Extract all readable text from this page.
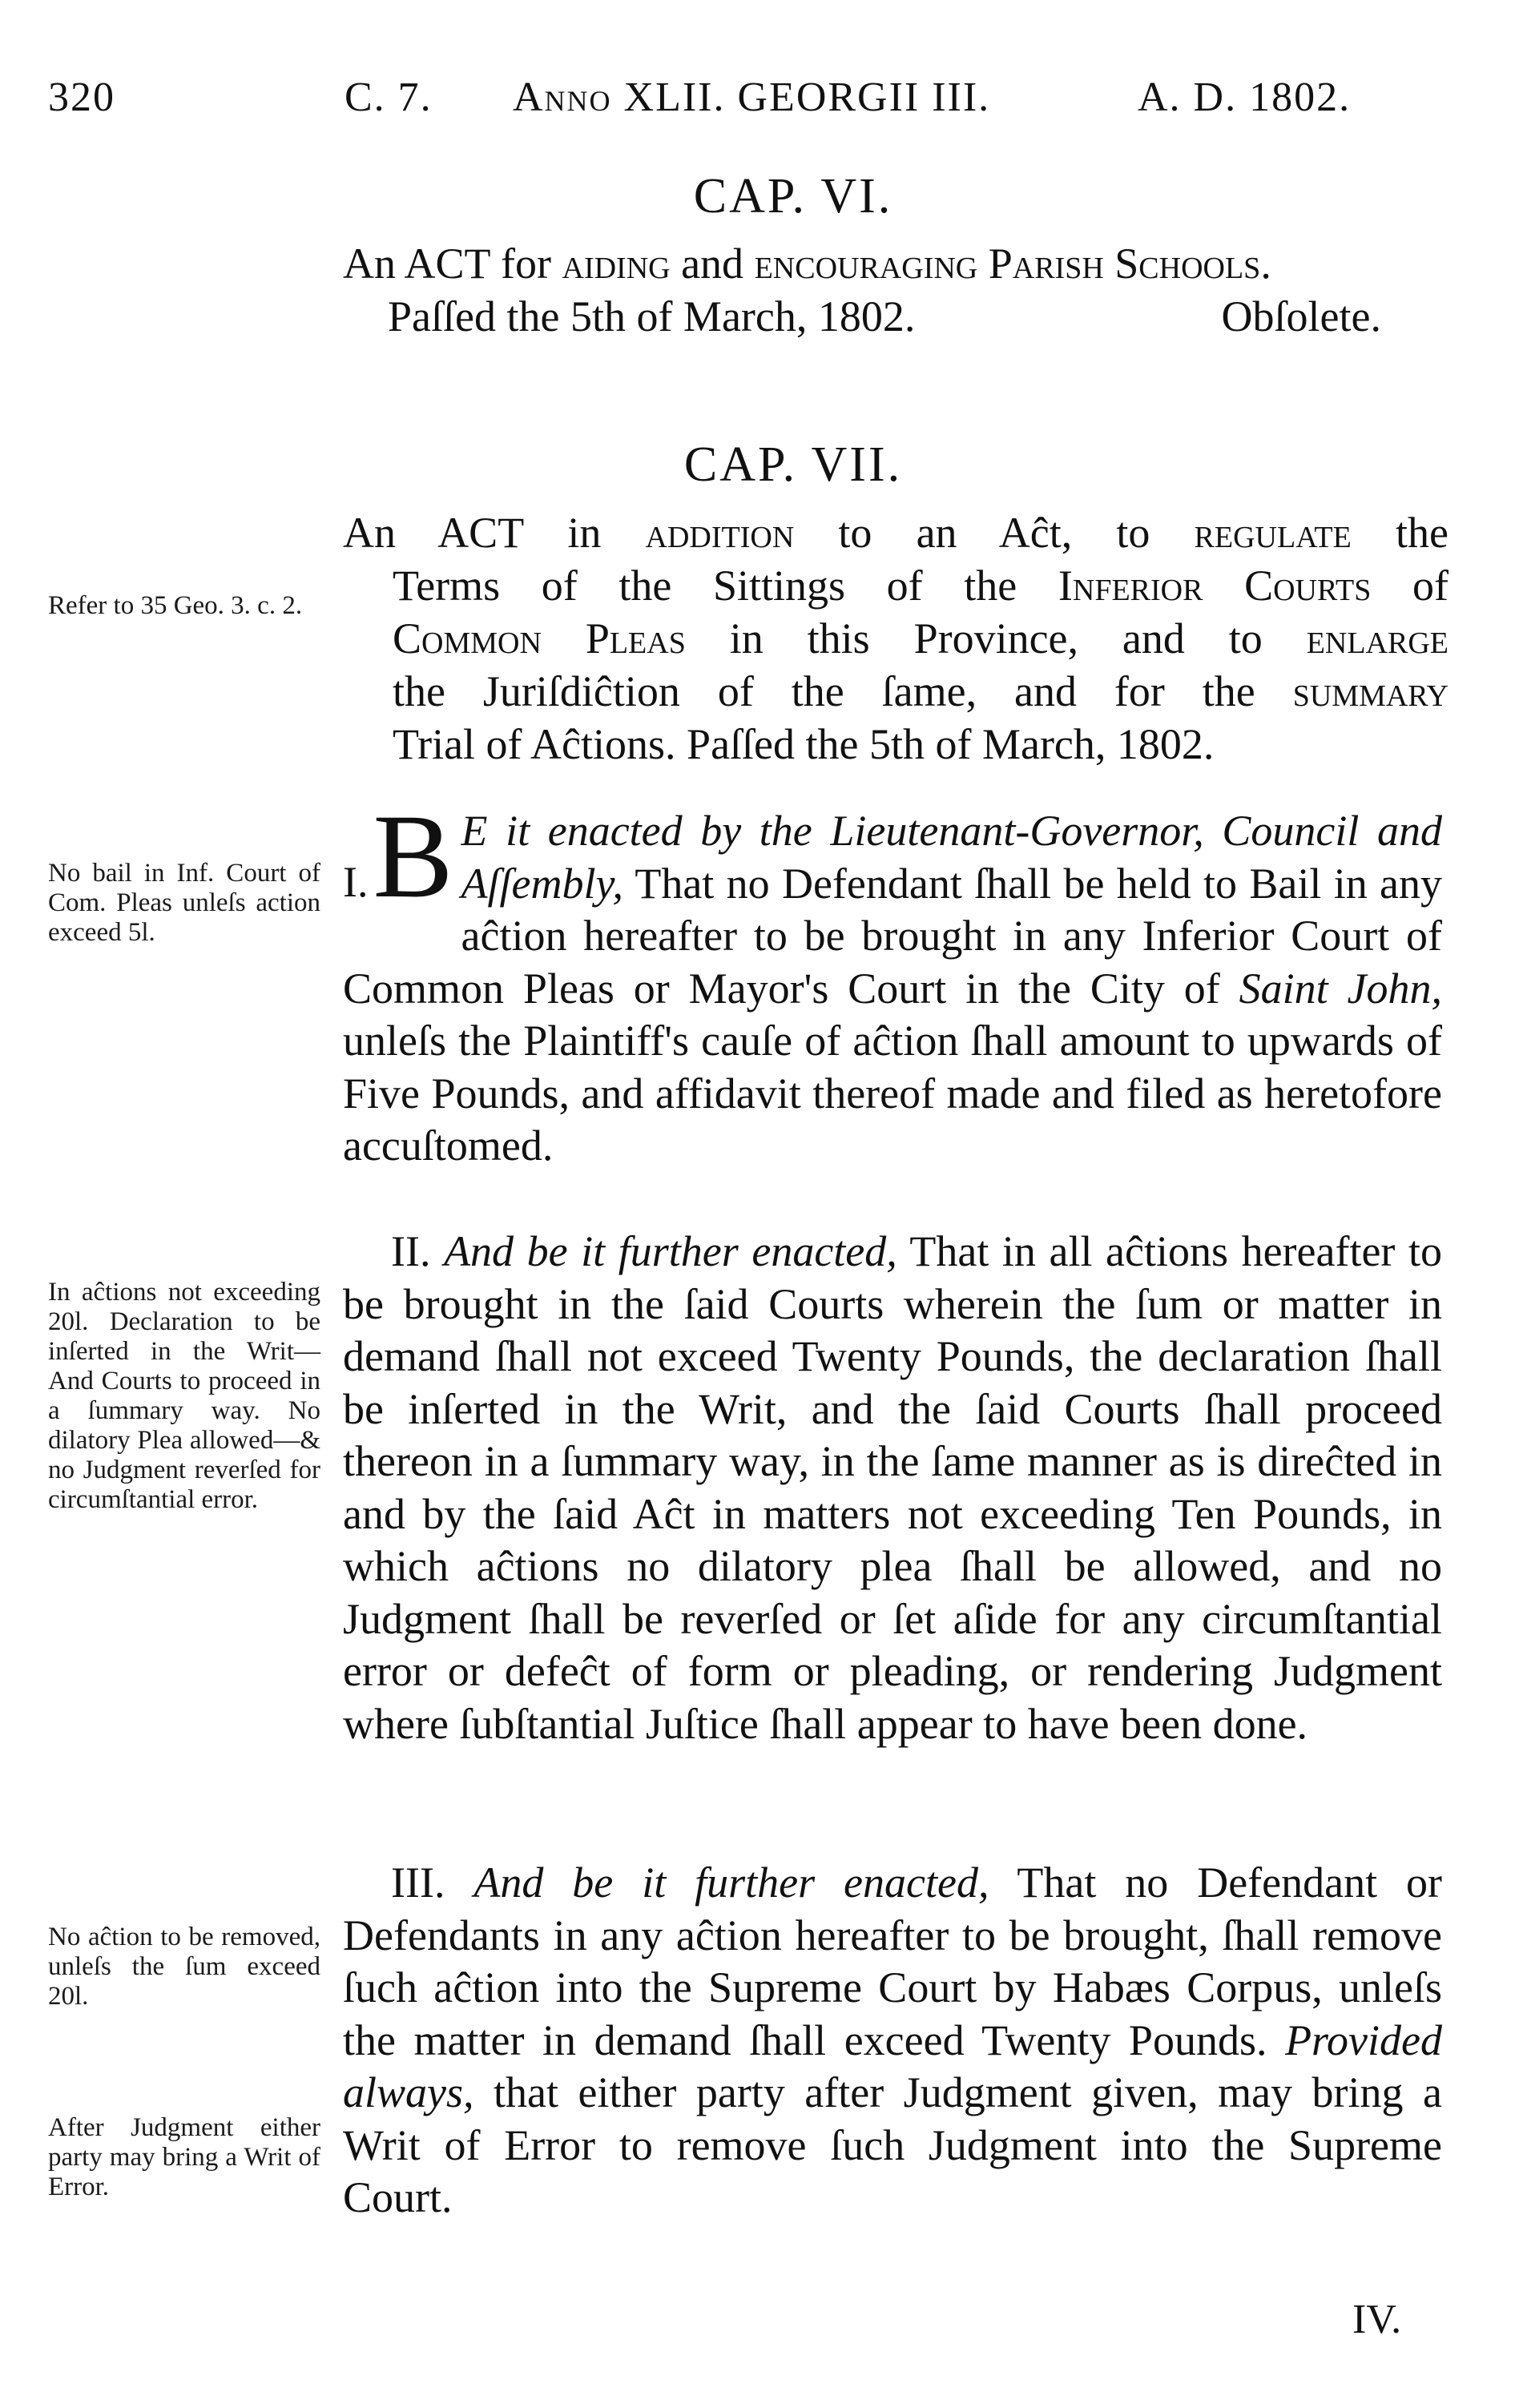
320	C. 7. Anno XLII. GEORGII III.	A. D. 1802.
CAP. VI.
An ACT for aiding and encouraging Parish Schools.
Paſſed the 5th of March, 1802.	Obſolete.
CAP. VII.
An ACT in addition to an Aĉt, to regulate the
Terms of the Sittings of the Inferior Courts of
Common Pleas in this Province, and to enlarge
the Juriſdiĉtion of the ſame, and for the summary
Trial of Aĉtions. Paſſed the 5th of March, 1802.

I.B E it enacted by the Lieutenant-Governor, Council and Aſſembly, That no Defendant ſhall be held to Bail in any aĉtion hereafter to be brought in any Inferior Court of Common Pleas or Mayor's Court in the City of Saint John, unleſs the Plaintiff's cauſe of aĉtion ſhall amount to upwards of Five Pounds, and affidavit thereof made and filed as heretofore accuſtomed.

II. And be it further enacted, That in all aĉtions hereafter to be brought in the ſaid Courts wherein the ſum or matter in demand ſhall not exceed Twenty Pounds, the declaration ſhall be inſerted in the Writ, and the ſaid Courts ſhall proceed thereon in a ſummary way, in the ſame manner as is direĉted in and by the ſaid Aĉt in matters not exceeding Ten Pounds, in which aĉtions no dilatory plea ſhall be allowed, and no Judgment ſhall be reverſed or ſet aſide for any circumſtantial error or defeĉt of form or pleading, or rendering Judgment where ſubſtantial Juſtice ſhall appear to have been done.

III. And be it further enacted, That no Defendant or Defendants in any aĉtion hereafter to be brought, ſhall remove ſuch aĉtion into the Supreme Court by Habæs Corpus, unleſs the matter in demand ſhall exceed Twenty Pounds. Provided always, that either party after Judgment given, may bring a Writ of Error to remove ſuch Judgment into the Supreme Court.

Refer to 35 Geo. 3. c. 2.
No bail in Inf. Court of Com. Pleas unleſs action exceed 5l.
In aĉtions not exceeding 20l. Declaration to be inſerted in the Writ— And Courts to proceed in a ſummary way. No dilatory Plea allowed—& no Judgment reverſed for circumſtantial error.
No aĉtion to be removed, unleſs the ſum exceed 20l.
After Judgment either party may bring a Writ of Error.
IV.
